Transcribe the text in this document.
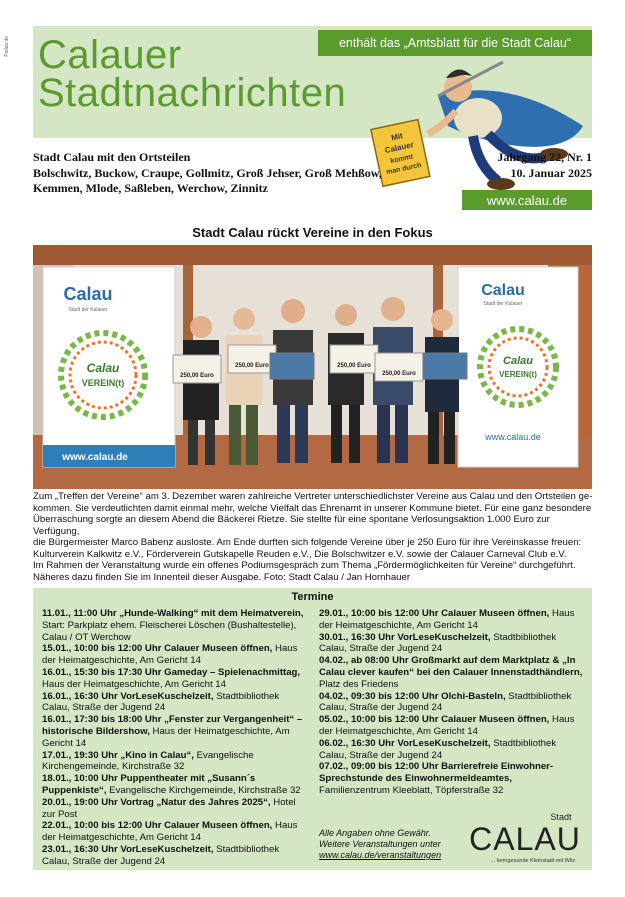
Pallas.de Calauer
Stadtnachrichten
enthält das „Amtsblatt für die Stadt Calau“
Mit
Calauer
kommt
man durch
Stadt Calau mit den Ortsteilen
Bolschwitz, Buckow, Craupe, Gollmitz, Groß Jehser, Groß Mehßow,
Kemmen, Mlode, Saßleben, Werchow, Zinnitz
Jahrgang 22, Nr. 1
10. Januar 2025
www.calau.de
Stadt Calau rückt Vereine in den Fokus
Calau
Stadt der Kalauer
Calau
VEREIN(t)
www.calau.de
Calau
Stadt der Kalauer
Calau
VEREIN(t)
www.calau.de
250,00 Euro
250,00 Euro	250,00 Euro
250,00 Euro
Zum „Treffen der Vereine“ am 3. Dezember waren zahlreiche Vertreter unterschiedlichster Vereine aus Calau und den Ortsteilen ge-
kommen. Sie verdeutlichten damit einmal mehr, welche Vielfalt das Ehrenamt in unserer Kommune bietet. Für eine ganz besondere
Überraschung sorgte an diesem Abend die Bäckerei Rietze. Sie stellte für eine spontane Verlosungsaktion 1.000 Euro zur Verfügung,
die Bürgermeister Marco Babenz ausloste. Am Ende durften sich folgende Vereine über je 250 Euro für ihre Vereinskasse freuen:
Kulturverein Kalkwitz e.V., Förderverein Gutskapelle Reuden e.V., Die Bolschwitzer e.V. sowie der Calauer Carneval Club e.V.
Im Rahmen der Veranstaltung wurde ein offenes Podiumsgespräch zum Thema „Fördermöglichkeiten für Vereine“ durchgeführt.
Näheres dazu finden Sie im Innenteil dieser Ausgabe. Foto: Stadt Calau / Jan Hornhauer
Termine

11.01., 11:00 Uhr „Hunde-Walking“ mit dem Heimatverein, Start: Parkplatz ehem. Fleischerei Löschen (Bushaltestelle), Calau / OT Werchow

15.01., 10:00 bis 12:00 Uhr Calauer Museen öffnen, Haus der Heimatgeschichte, Am Gericht 14

16.01., 15:30 bis 17:30 Uhr Gameday – Spielenachmittag, Haus der Heimatgeschichte, Am Gericht 14

16.01., 16:30 Uhr VorLeseKuschelzeit, Stadtbibliothek Calau, Straße der Jugend 24

16.01., 17:30 bis 18:00 Uhr „Fenster zur Vergangenheit“ – historische Bildershow, Haus der Heimatgeschichte, Am Gericht 14

17.01., 19:30 Uhr „Kino in Calau“, Evangelische Kirchengemeinde, Kirchstraße 32

18.01., 10:00 Uhr Puppentheater mit „Susann´s Puppenkiste“, Evangelische Kirchgemeinde, Kirchstraße 32

20.01., 19:00 Uhr Vortrag „Natur des Jahres 2025“, Hotel zur Post

22.01., 10:00 bis 12:00 Uhr Calauer Museen öffnen, Haus der Heimatgeschichte, Am Gericht 14

23.01., 16:30 Uhr VorLeseKuschelzeit, Stadtbibliothek Calau, Straße der Jugend 24

29.01., 10:00 bis 12:00 Uhr Calauer Museen öffnen, Haus der Heimatgeschichte, Am Gericht 14

30.01., 16:30 Uhr VorLeseKuschelzeit, Stadtbibliothek Calau, Straße der Jugend 24

04.02., ab 08:00 Uhr Großmarkt auf dem Marktplatz & „In Calau clever kaufen“ bei den Calauer Innenstadthändlern, Platz des Friedens

04.02., 09:30 bis 12:00 Uhr Olchi-Basteln, Stadtbibliothek Calau, Straße der Jugend 24

05.02., 10:00 bis 12:00 Uhr Calauer Museen öffnen, Haus der Heimatgeschichte, Am Gericht 14

06.02., 16:30 Uhr VorLeseKuschelzeit, Stadtbibliothek Calau, Straße der Jugend 24

07.02., 09:00 bis 12:00 Uhr Barrierefreie Einwohner-Sprechstunde des Einwohnermeldeamtes, Familienzentrum Kleeblatt, Töpferstraße 32

Alle Angaben ohne Gewähr.
Weitere Veranstaltungen unter
www.calau.de/veranstaltungen
Stadt
CALAU
... kerngesunde Kleinstadt mit Witz
